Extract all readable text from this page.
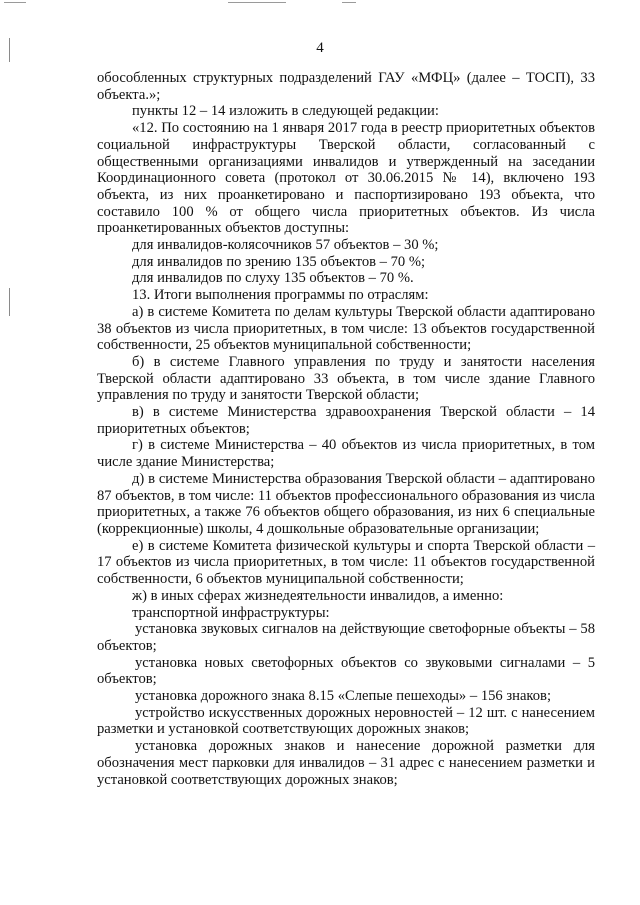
4

обособленных структурных подразделений ГАУ «МФЦ» (далее – ТОСП), 33 объекта.»;

пункты 12 – 14 изложить в следующей редакции:

«12. По состоянию на 1 января 2017 года в реестр приоритетных объектов социальной инфраструктуры Тверской области, согласованный с общественными организациями инвалидов и утвержденный на заседании Координационного совета (протокол от 30.06.2015 № 14), включено 193 объекта, из них проанкетировано и паспортизировано 193 объекта, что составило 100 % от общего числа приоритетных объектов. Из числа проанкетированных объектов доступны:

для инвалидов-колясочников 57 объектов – 30 %;

для инвалидов по зрению 135 объектов – 70 %;

для инвалидов по слуху 135 объектов – 70 %.

13. Итоги выполнения программы по отраслям:

а) в системе Комитета по делам культуры Тверской области адаптировано 38 объектов из числа приоритетных, в том числе: 13 объектов государственной собственности, 25 объектов муниципальной собственности;

б) в системе Главного управления по труду и занятости населения Тверской области адаптировано 33 объекта, в том числе здание Главного управления по труду и занятости Тверской области;

в) в системе Министерства здравоохранения Тверской области – 14 приоритетных объектов;

г) в системе Министерства – 40 объектов из числа приоритетных, в том числе здание Министерства;

д) в системе Министерства образования Тверской области – адаптировано 87 объектов, в том числе: 11 объектов профессионального образования из числа приоритетных, а также 76 объектов общего образования, из них 6 специальные (коррекционные) школы, 4 дошкольные образовательные организации;

е) в системе Комитета физической культуры и спорта Тверской области – 17 объектов из числа приоритетных, в том числе: 11 объектов государственной собственности, 6 объектов муниципальной собственности;

ж) в иных сферах жизнедеятельности инвалидов, а именно:

транспортной инфраструктуры:

установка звуковых сигналов на действующие светофорные объекты – 58 объектов;

установка новых светофорных объектов со звуковыми сигналами – 5 объектов;

установка дорожного знака 8.15 «Слепые пешеходы» – 156 знаков;

устройство искусственных дорожных неровностей – 12 шт. с нанесением разметки и установкой соответствующих дорожных знаков;

установка дорожных знаков и нанесение дорожной разметки для обозначения мест парковки для инвалидов – 31 адрес с нанесением разметки и установкой соответствующих дорожных знаков;
